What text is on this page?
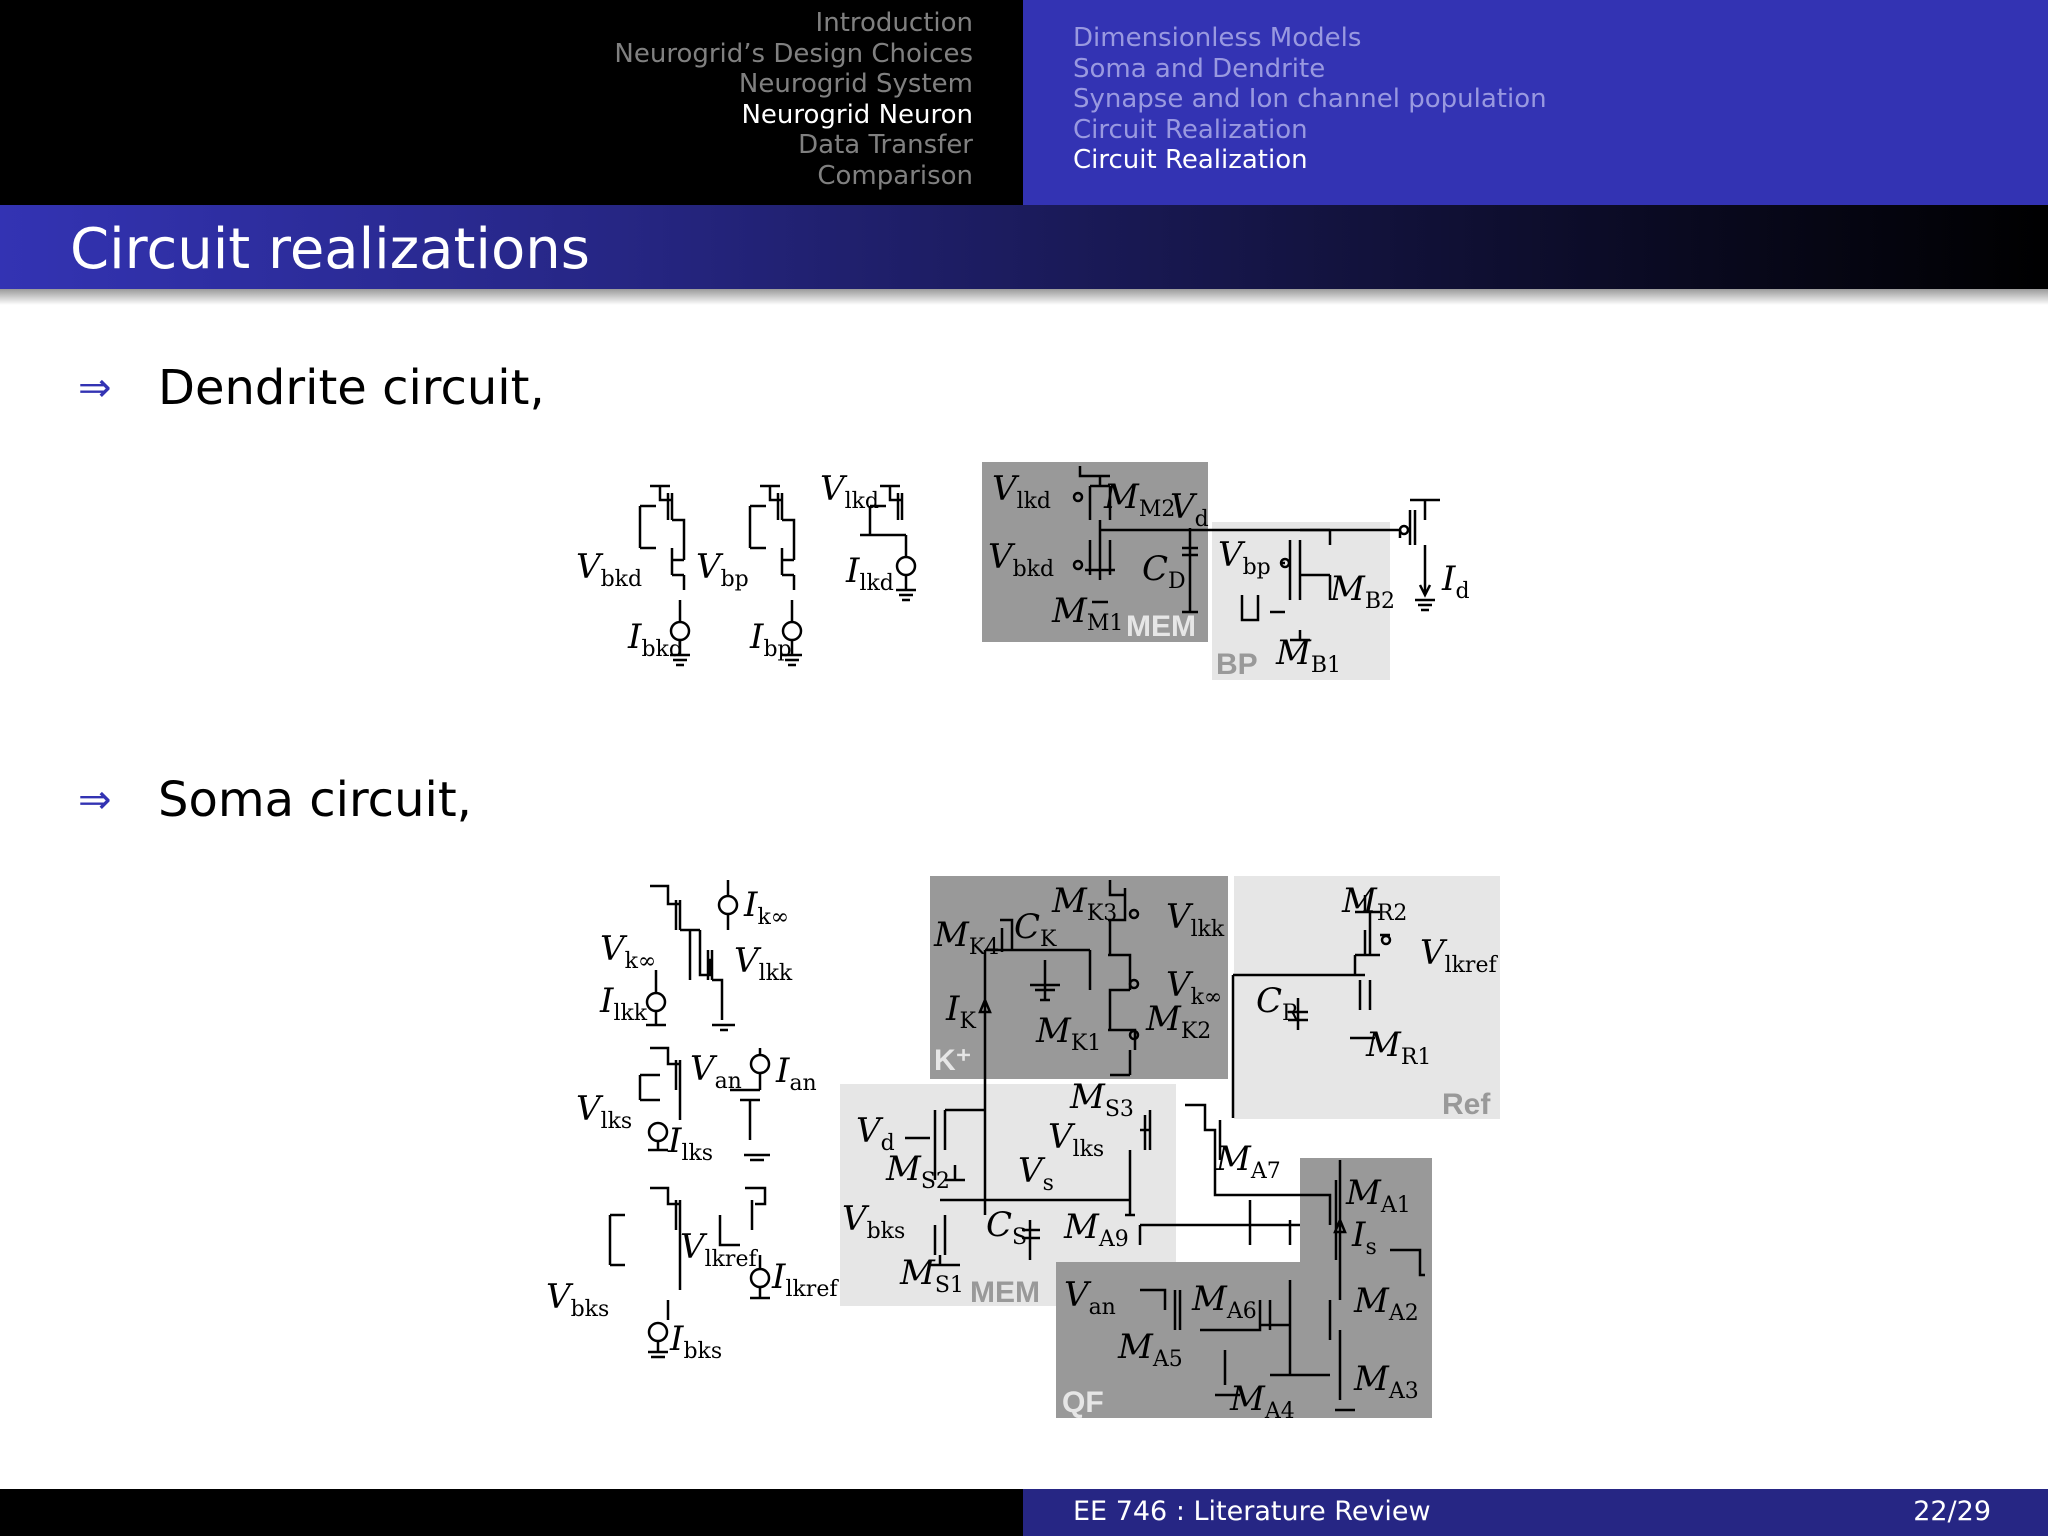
Introduction
Neurogrid’s Design Choices
Neurogrid System
Neurogrid Neuron
Data Transfer
Comparison
Dimensionless Models
Soma and Dendrite
Synapse and Ion channel population
Circuit Realization
Circuit Realization
Circuit realizations
⇒ Dendrite circuit,
$V_{bkd}$
$I_{bkd}$
$V_{bp}$
$I_{bp}$
$V_{lkd}$
$I_{lkd}$
$V_{lkd}$ $M_{M2}$
$V_d$
$V_{bkd}$	$C_D$
$M_{M1}$
$V_{bp}$
$M_{B2}$
$M_{B1}$
$I_d$
MEM
BP
⇒ Soma circuit,
$I_{k\infty}$
$V_{k\infty}$ $V_{lkk}$
$I_{lkk}$
$V_{an}$ $I_{an}$
$V_{lks}$ $I_{lks}$
$V_{lkref}$ $I_{lkref}$
$V_{bks}$
$I_{bks}$
$M_{K4}$
$C_K$
$M_{K3}$ $V_{lkk}$
$V_{k\infty}$
$I_K$ $M_{K1}$
$M_{K2}$
$M_{R2}$
$V_{lkref}$
$C_R$
$M_{R1}$
$V_d$
$M_{S2}$
$M_{S3}$
$V_{lks}$
$V_s$
$M_{A7}$
$V_{bks}$ $C_S$ $M_{A9}$
$M_{S1}$
$M_{A1}$
$I_s$
$M_{A2}$
$M_{A3}$
$V_{an}$ $M_{A6}$
$M_{A5}$
$M_{A4}$
K⁺
Ref
MEM
QF
EE 746 : Literature Review	22/29
